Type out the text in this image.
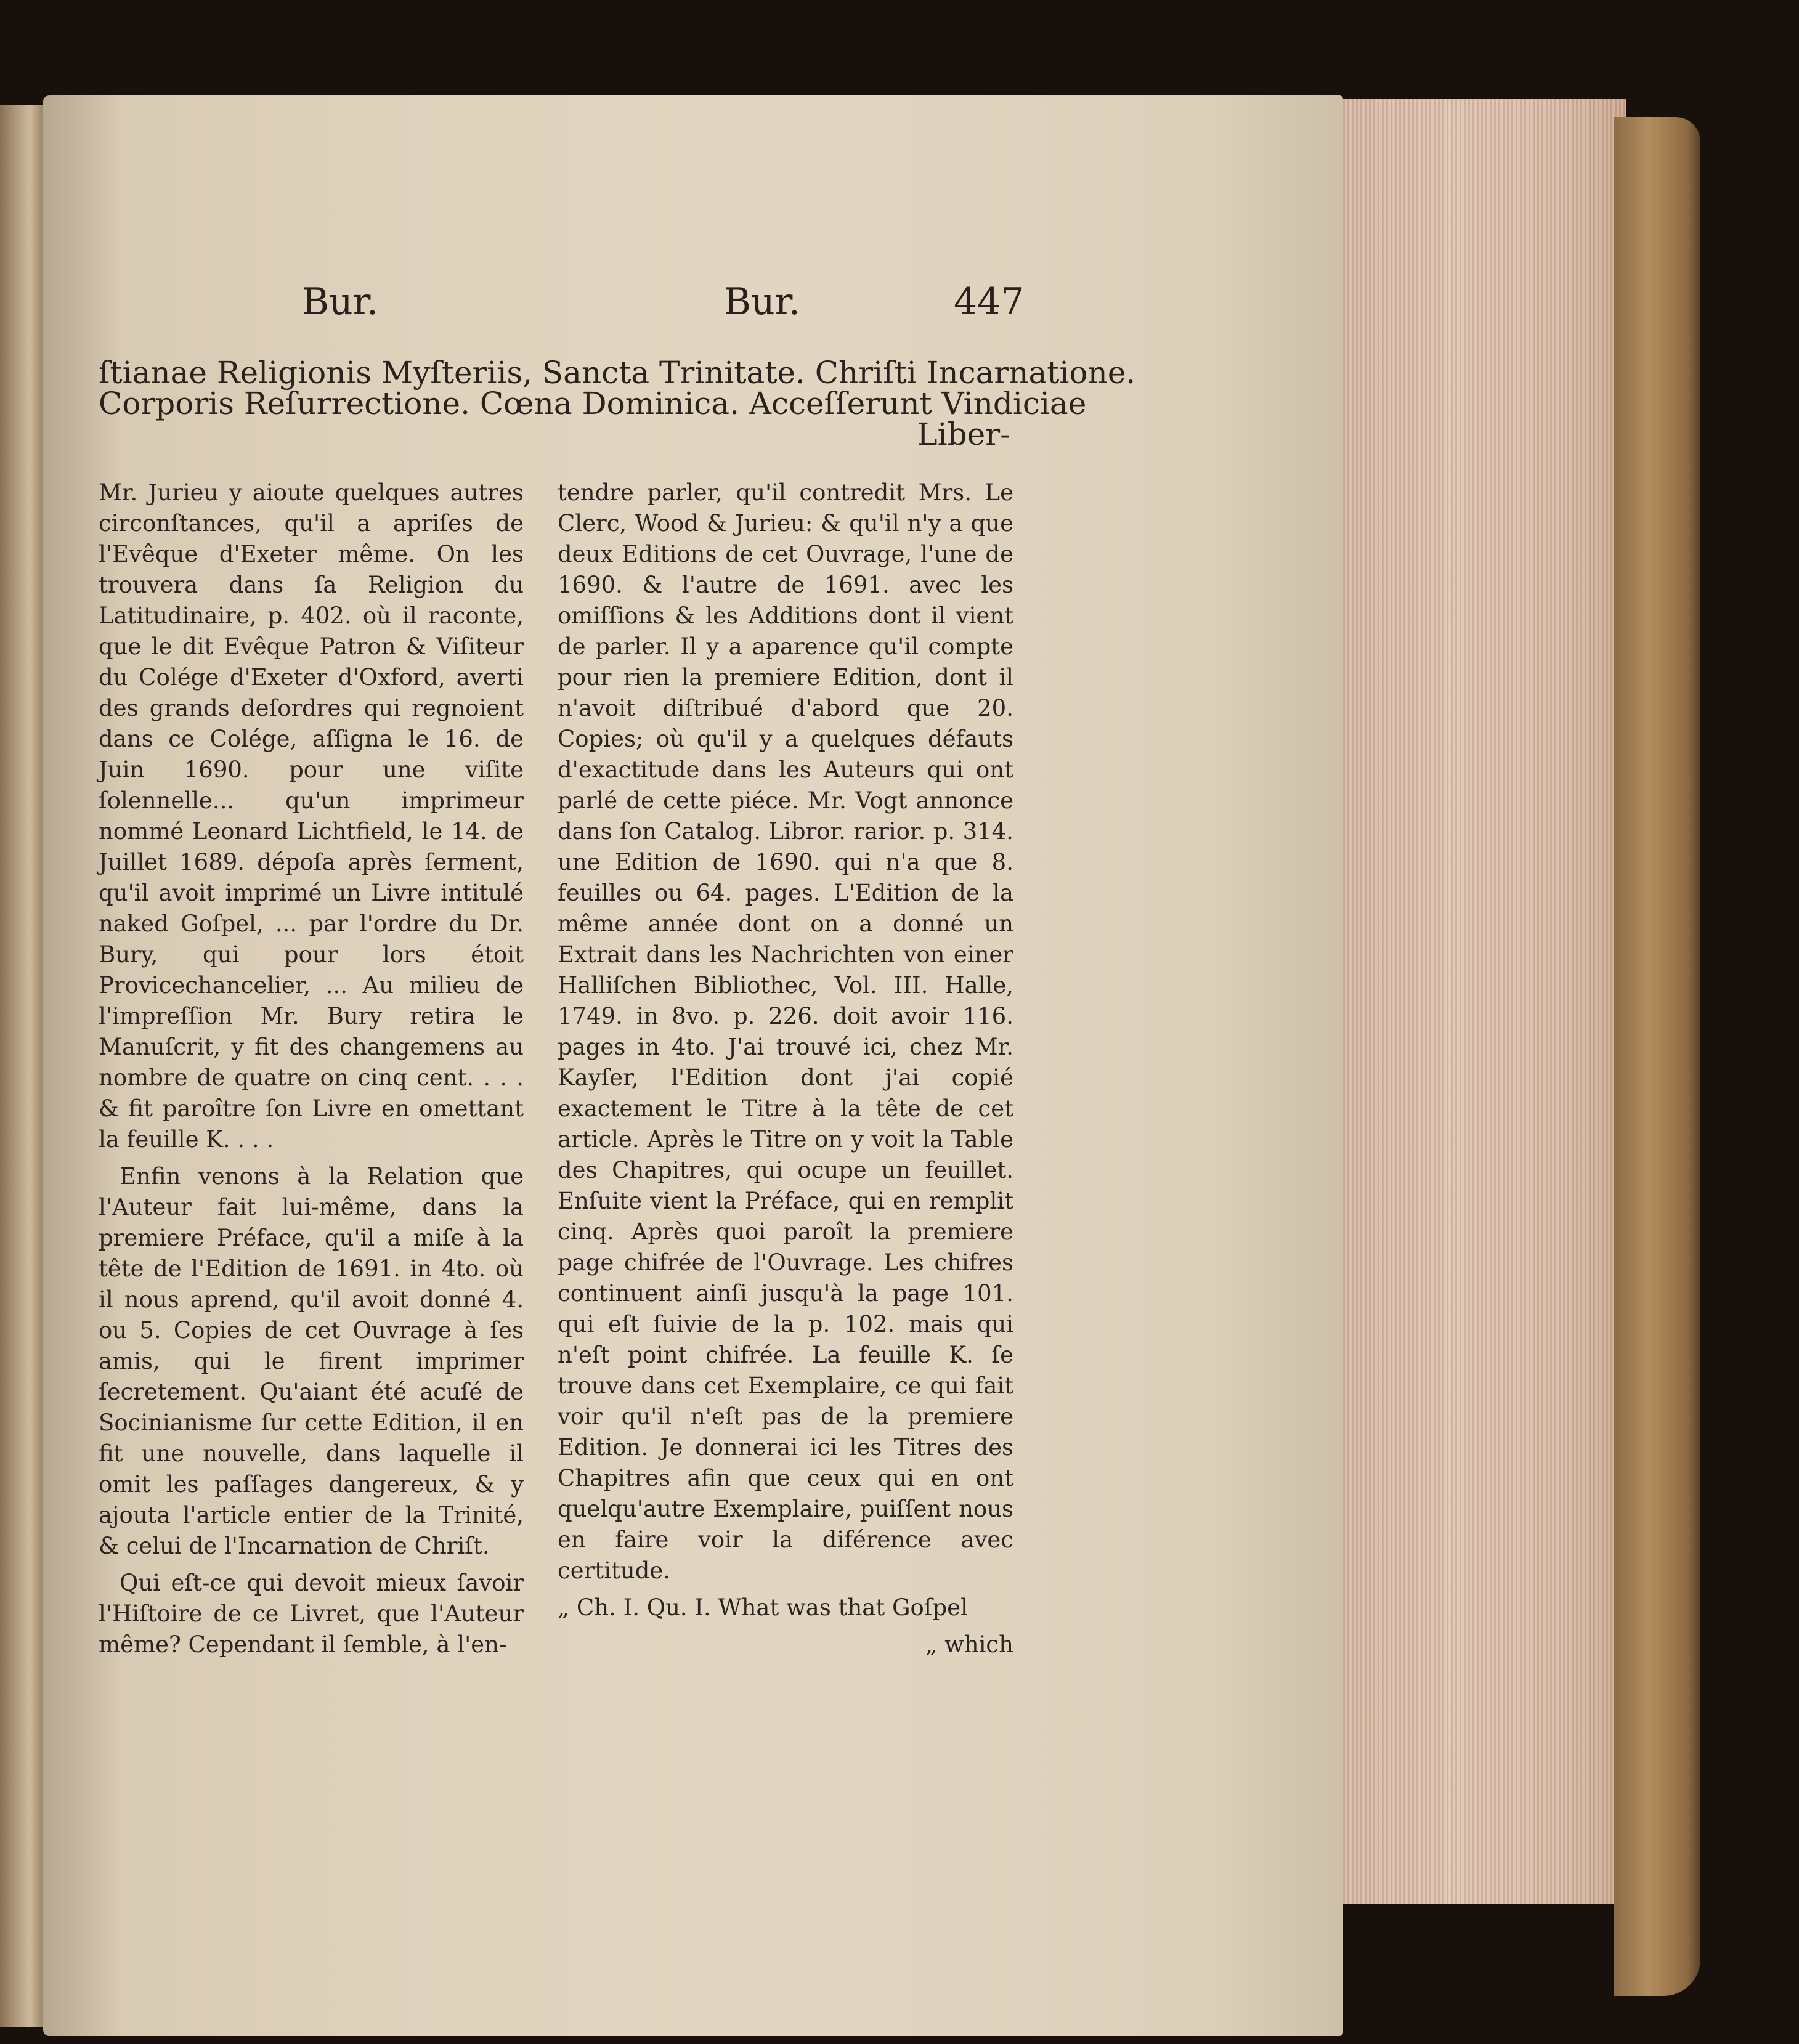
Bur.	Bur.	447
ſtianae Religionis Myſteriis, Sancta Trinitate. Chriſti Incarnatione.
Corporis Reſurrectione. Cœna Dominica. Acceſſerunt Vindiciae
Liber-

Mr. Jurieu y aioute quelques autres circonſtances, qu'il a apriſes de l'Evêque d'Exeter même. On les trouvera dans ſa Religion du Latitudinaire, p. 402. où il raconte, que le dit Evêque Patron & Viſiteur du Colége d'Exeter d'Oxford, averti des grands deſordres qui regnoient dans ce Colége, aſſigna le 16. de Juin 1690. pour une viſite ſolennelle... qu'un imprimeur nommé Leonard Lichtfield, le 14. de Juillet 1689. dépoſa après ſerment, qu'il avoit imprimé un Livre intitulé naked Goſpel, ... par l'ordre du Dr. Bury, qui pour lors étoit Provicechancelier, ... Au milieu de l'impreſſion Mr. Bury retira le Manuſcrit, y fit des changemens au nombre de quatre on cinq cent. . . . & fit paroître ſon Livre en omettant la feuille K. . . .

Enfin venons à la Relation que l'Auteur fait lui-même, dans la premiere Préface, qu'il a miſe à la tête de l'Edition de 1691. in 4to. où il nous aprend, qu'il avoit donné 4. ou 5. Copies de cet Ouvrage à ſes amis, qui le firent imprimer ſecretement. Qu'aiant été acuſé de Socinianisme ſur cette Edition, il en fit une nouvelle, dans laquelle il omit les paſſages dangereux, & y ajouta l'article entier de la Trinité, & celui de l'Incarnation de Chriſt.

Qui eſt-ce qui devoit mieux ſavoir l'Hiſtoire de ce Livret, que l'Auteur même? Cependant il ſemble, à l'en-

tendre parler, qu'il contredit Mrs. Le Clerc, Wood & Jurieu: & qu'il n'y a que deux Editions de cet Ouvrage, l'une de 1690. & l'autre de 1691. avec les omiſſions & les Additions dont il vient de parler. Il y a aparence qu'il compte pour rien la premiere Edition, dont il n'avoit diſtribué d'abord que 20. Copies; où qu'il y a quelques défauts d'exactitude dans les Auteurs qui ont parlé de cette piéce. Mr. Vogt annonce dans ſon Catalog. Libror. rarior. p. 314. une Edition de 1690. qui n'a que 8. feuilles ou 64. pages. L'Edition de la même année dont on a donné un Extrait dans les Nachrichten von einer Halliſchen Bibliothec, Vol. III. Halle, 1749. in 8vo. p. 226. doit avoir 116. pages in 4to. J'ai trouvé ici, chez Mr. Kayſer, l'Edition dont j'ai copié exactement le Titre à la tête de cet article. Après le Titre on y voit la Table des Chapitres, qui ocupe un feuillet. Enſuite vient la Préface, qui en remplit cinq. Après quoi paroît la premiere page chifrée de l'Ouvrage. Les chifres continuent ainſi jusqu'à la page 101. qui eſt ſuivie de la p. 102. mais qui n'eſt point chifrée. La feuille K. ſe trouve dans cet Exemplaire, ce qui fait voir qu'il n'eſt pas de la premiere Edition. Je donnerai ici les Titres des Chapitres afin que ceux qui en ont quelqu'autre Exemplaire, puiſſent nous en faire voir la diférence avec certitude.

„ Ch. I. Qu. I. What was that Goſpel

„ which
